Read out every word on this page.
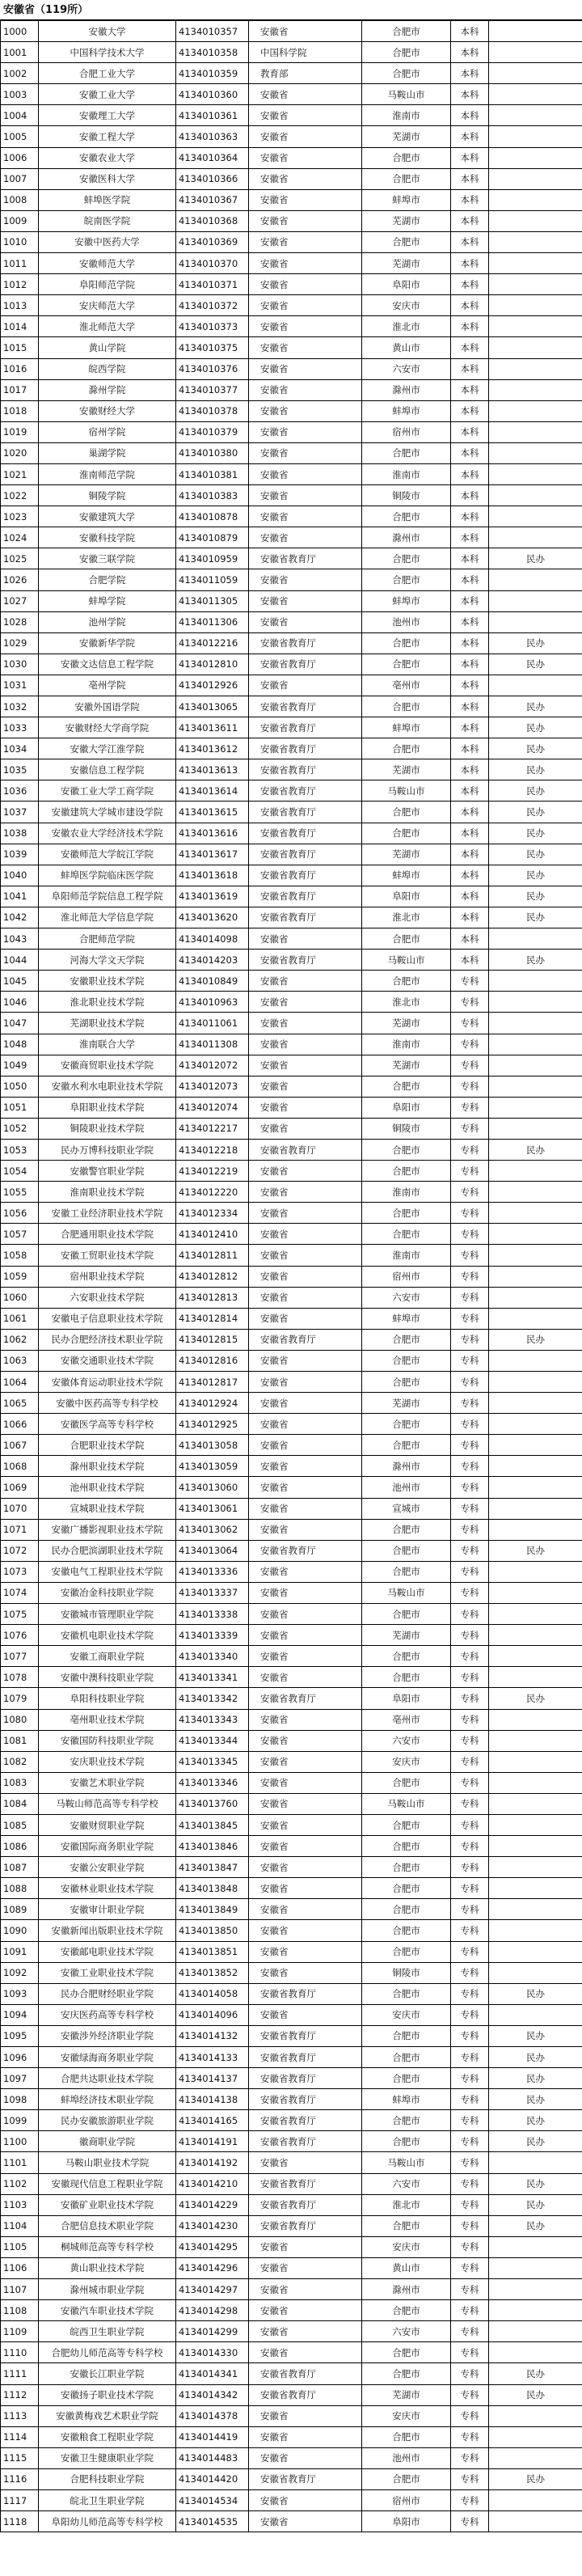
安徽省（119所）
1000	安徽大学	4134010357	安徽省	合肥市	本科	
1001	中国科学技术大学	4134010358	中国科学院	合肥市	本科	
1002	合肥工业大学	4134010359	教育部	合肥市	本科	
1003	安徽工业大学	4134010360	安徽省	马鞍山市	本科	
1004	安徽理工大学	4134010361	安徽省	淮南市	本科	
1005	安徽工程大学	4134010363	安徽省	芜湖市	本科	
1006	安徽农业大学	4134010364	安徽省	合肥市	本科	
1007	安徽医科大学	4134010366	安徽省	合肥市	本科	
1008	蚌埠医学院	4134010367	安徽省	蚌埠市	本科	
1009	皖南医学院	4134010368	安徽省	芜湖市	本科	
1010	安徽中医药大学	4134010369	安徽省	合肥市	本科	
1011	安徽师范大学	4134010370	安徽省	芜湖市	本科	
1012	阜阳师范学院	4134010371	安徽省	阜阳市	本科	
1013	安庆师范大学	4134010372	安徽省	安庆市	本科	
1014	淮北师范大学	4134010373	安徽省	淮北市	本科	
1015	黄山学院	4134010375	安徽省	黄山市	本科	
1016	皖西学院	4134010376	安徽省	六安市	本科	
1017	滁州学院	4134010377	安徽省	滁州市	本科	
1018	安徽财经大学	4134010378	安徽省	蚌埠市	本科	
1019	宿州学院	4134010379	安徽省	宿州市	本科	
1020	巢湖学院	4134010380	安徽省	合肥市	本科	
1021	淮南师范学院	4134010381	安徽省	淮南市	本科	
1022	铜陵学院	4134010383	安徽省	铜陵市	本科	
1023	安徽建筑大学	4134010878	安徽省	合肥市	本科	
1024	安徽科技学院	4134010879	安徽省	滁州市	本科	
1025	安徽三联学院	4134010959	安徽省教育厅	合肥市	本科	民办
1026	合肥学院	4134011059	安徽省	合肥市	本科	
1027	蚌埠学院	4134011305	安徽省	蚌埠市	本科	
1028	池州学院	4134011306	安徽省	池州市	本科	
1029	安徽新华学院	4134012216	安徽省教育厅	合肥市	本科	民办
1030	安徽文达信息工程学院	4134012810	安徽省教育厅	合肥市	本科	民办
1031	亳州学院	4134012926	安徽省	亳州市	本科	
1032	安徽外国语学院	4134013065	安徽省教育厅	合肥市	本科	民办
1033	安徽财经大学商学院	4134013611	安徽省教育厅	蚌埠市	本科	民办
1034	安徽大学江淮学院	4134013612	安徽省教育厅	合肥市	本科	民办
1035	安徽信息工程学院	4134013613	安徽省教育厅	芜湖市	本科	民办
1036	安徽工业大学工商学院	4134013614	安徽省教育厅	马鞍山市	本科	民办
1037	安徽建筑大学城市建设学院	4134013615	安徽省教育厅	合肥市	本科	民办
1038	安徽农业大学经济技术学院	4134013616	安徽省教育厅	合肥市	本科	民办
1039	安徽师范大学皖江学院	4134013617	安徽省教育厅	芜湖市	本科	民办
1040	蚌埠医学院临床医学院	4134013618	安徽省教育厅	蚌埠市	本科	民办
1041	阜阳师范学院信息工程学院	4134013619	安徽省教育厅	阜阳市	本科	民办
1042	淮北师范大学信息学院	4134013620	安徽省教育厅	淮北市	本科	民办
1043	合肥师范学院	4134014098	安徽省	合肥市	本科	
1044	河海大学文天学院	4134014203	安徽省教育厅	马鞍山市	本科	民办
1045	安徽职业技术学院	4134010849	安徽省	合肥市	专科	
1046	淮北职业技术学院	4134010963	安徽省	淮北市	专科	
1047	芜湖职业技术学院	4134011061	安徽省	芜湖市	专科	
1048	淮南联合大学	4134011308	安徽省	淮南市	专科	
1049	安徽商贸职业技术学院	4134012072	安徽省	芜湖市	专科	
1050	安徽水利水电职业技术学院	4134012073	安徽省	合肥市	专科	
1051	阜阳职业技术学院	4134012074	安徽省	阜阳市	专科	
1052	铜陵职业技术学院	4134012217	安徽省	铜陵市	专科	
1053	民办万博科技职业学院	4134012218	安徽省教育厅	合肥市	专科	民办
1054	安徽警官职业学院	4134012219	安徽省	合肥市	专科	
1055	淮南职业技术学院	4134012220	安徽省	淮南市	专科	
1056	安徽工业经济职业技术学院	4134012334	安徽省	合肥市	专科	
1057	合肥通用职业技术学院	4134012410	安徽省	合肥市	专科	
1058	安徽工贸职业技术学院	4134012811	安徽省	淮南市	专科	
1059	宿州职业技术学院	4134012812	安徽省	宿州市	专科	
1060	六安职业技术学院	4134012813	安徽省	六安市	专科	
1061	安徽电子信息职业技术学院	4134012814	安徽省	蚌埠市	专科	
1062	民办合肥经济技术职业学院	4134012815	安徽省教育厅	合肥市	专科	民办
1063	安徽交通职业技术学院	4134012816	安徽省	合肥市	专科	
1064	安徽体育运动职业技术学院	4134012817	安徽省	合肥市	专科	
1065	安徽中医药高等专科学校	4134012924	安徽省	芜湖市	专科	
1066	安徽医学高等专科学校	4134012925	安徽省	合肥市	专科	
1067	合肥职业技术学院	4134013058	安徽省	合肥市	专科	
1068	滁州职业技术学院	4134013059	安徽省	滁州市	专科	
1069	池州职业技术学院	4134013060	安徽省	池州市	专科	
1070	宣城职业技术学院	4134013061	安徽省	宣城市	专科	
1071	安徽广播影视职业技术学院	4134013062	安徽省	合肥市	专科	
1072	民办合肥滨湖职业技术学院	4134013064	安徽省教育厅	合肥市	专科	民办
1073	安徽电气工程职业技术学院	4134013336	安徽省	合肥市	专科	
1074	安徽冶金科技职业学院	4134013337	安徽省	马鞍山市	专科	
1075	安徽城市管理职业学院	4134013338	安徽省	合肥市	专科	
1076	安徽机电职业技术学院	4134013339	安徽省	芜湖市	专科	
1077	安徽工商职业学院	4134013340	安徽省	合肥市	专科	
1078	安徽中澳科技职业学院	4134013341	安徽省	合肥市	专科	
1079	阜阳科技职业学院	4134013342	安徽省教育厅	阜阳市	专科	民办
1080	亳州职业技术学院	4134013343	安徽省	亳州市	专科	
1081	安徽国防科技职业学院	4134013344	安徽省	六安市	专科	
1082	安庆职业技术学院	4134013345	安徽省	安庆市	专科	
1083	安徽艺术职业学院	4134013346	安徽省	合肥市	专科	
1084	马鞍山师范高等专科学校	4134013760	安徽省	马鞍山市	专科	
1085	安徽财贸职业学院	4134013845	安徽省	合肥市	专科	
1086	安徽国际商务职业学院	4134013846	安徽省	合肥市	专科	
1087	安徽公安职业学院	4134013847	安徽省	合肥市	专科	
1088	安徽林业职业技术学院	4134013848	安徽省	合肥市	专科	
1089	安徽审计职业学院	4134013849	安徽省	合肥市	专科	
1090	安徽新闻出版职业技术学院	4134013850	安徽省	合肥市	专科	
1091	安徽邮电职业技术学院	4134013851	安徽省	合肥市	专科	
1092	安徽工业职业技术学院	4134013852	安徽省	铜陵市	专科	
1093	民办合肥财经职业学院	4134014058	安徽省教育厅	合肥市	专科	民办
1094	安庆医药高等专科学校	4134014096	安徽省	安庆市	专科	
1095	安徽涉外经济职业学院	4134014132	安徽省教育厅	合肥市	专科	民办
1096	安徽绿海商务职业学院	4134014133	安徽省教育厅	合肥市	专科	民办
1097	合肥共达职业技术学院	4134014137	安徽省教育厅	合肥市	专科	民办
1098	蚌埠经济技术职业学院	4134014138	安徽省教育厅	蚌埠市	专科	民办
1099	民办安徽旅游职业学院	4134014165	安徽省教育厅	合肥市	专科	民办
1100	徽商职业学院	4134014191	安徽省教育厅	合肥市	专科	民办
1101	马鞍山职业技术学院	4134014192	安徽省	马鞍山市	专科	
1102	安徽现代信息工程职业学院	4134014210	安徽省教育厅	六安市	专科	民办
1103	安徽矿业职业技术学院	4134014229	安徽省教育厅	淮北市	专科	民办
1104	合肥信息技术职业学院	4134014230	安徽省教育厅	合肥市	专科	民办
1105	桐城师范高等专科学校	4134014295	安徽省	安庆市	专科	
1106	黄山职业技术学院	4134014296	安徽省	黄山市	专科	
1107	滁州城市职业学院	4134014297	安徽省	滁州市	专科	
1108	安徽汽车职业技术学院	4134014298	安徽省	合肥市	专科	
1109	皖西卫生职业学院	4134014299	安徽省	六安市	专科	
1110	合肥幼儿师范高等专科学校	4134014330	安徽省	合肥市	专科	
1111	安徽长江职业学院	4134014341	安徽省教育厅	合肥市	专科	民办
1112	安徽扬子职业技术学院	4134014342	安徽省教育厅	芜湖市	专科	民办
1113	安徽黄梅戏艺术职业学院	4134014378	安徽省	安庆市	专科	
1114	安徽粮食工程职业学院	4134014419	安徽省	合肥市	专科	
1115	安徽卫生健康职业学院	4134014483	安徽省	池州市	专科	
1116	合肥科技职业学院	4134014420	安徽省教育厅	合肥市	专科	民办
1117	皖北卫生职业学院	4134014534	安徽省	宿州市	专科	
1118	阜阳幼儿师范高等专科学校	4134014535	安徽省	阜阳市	专科	
